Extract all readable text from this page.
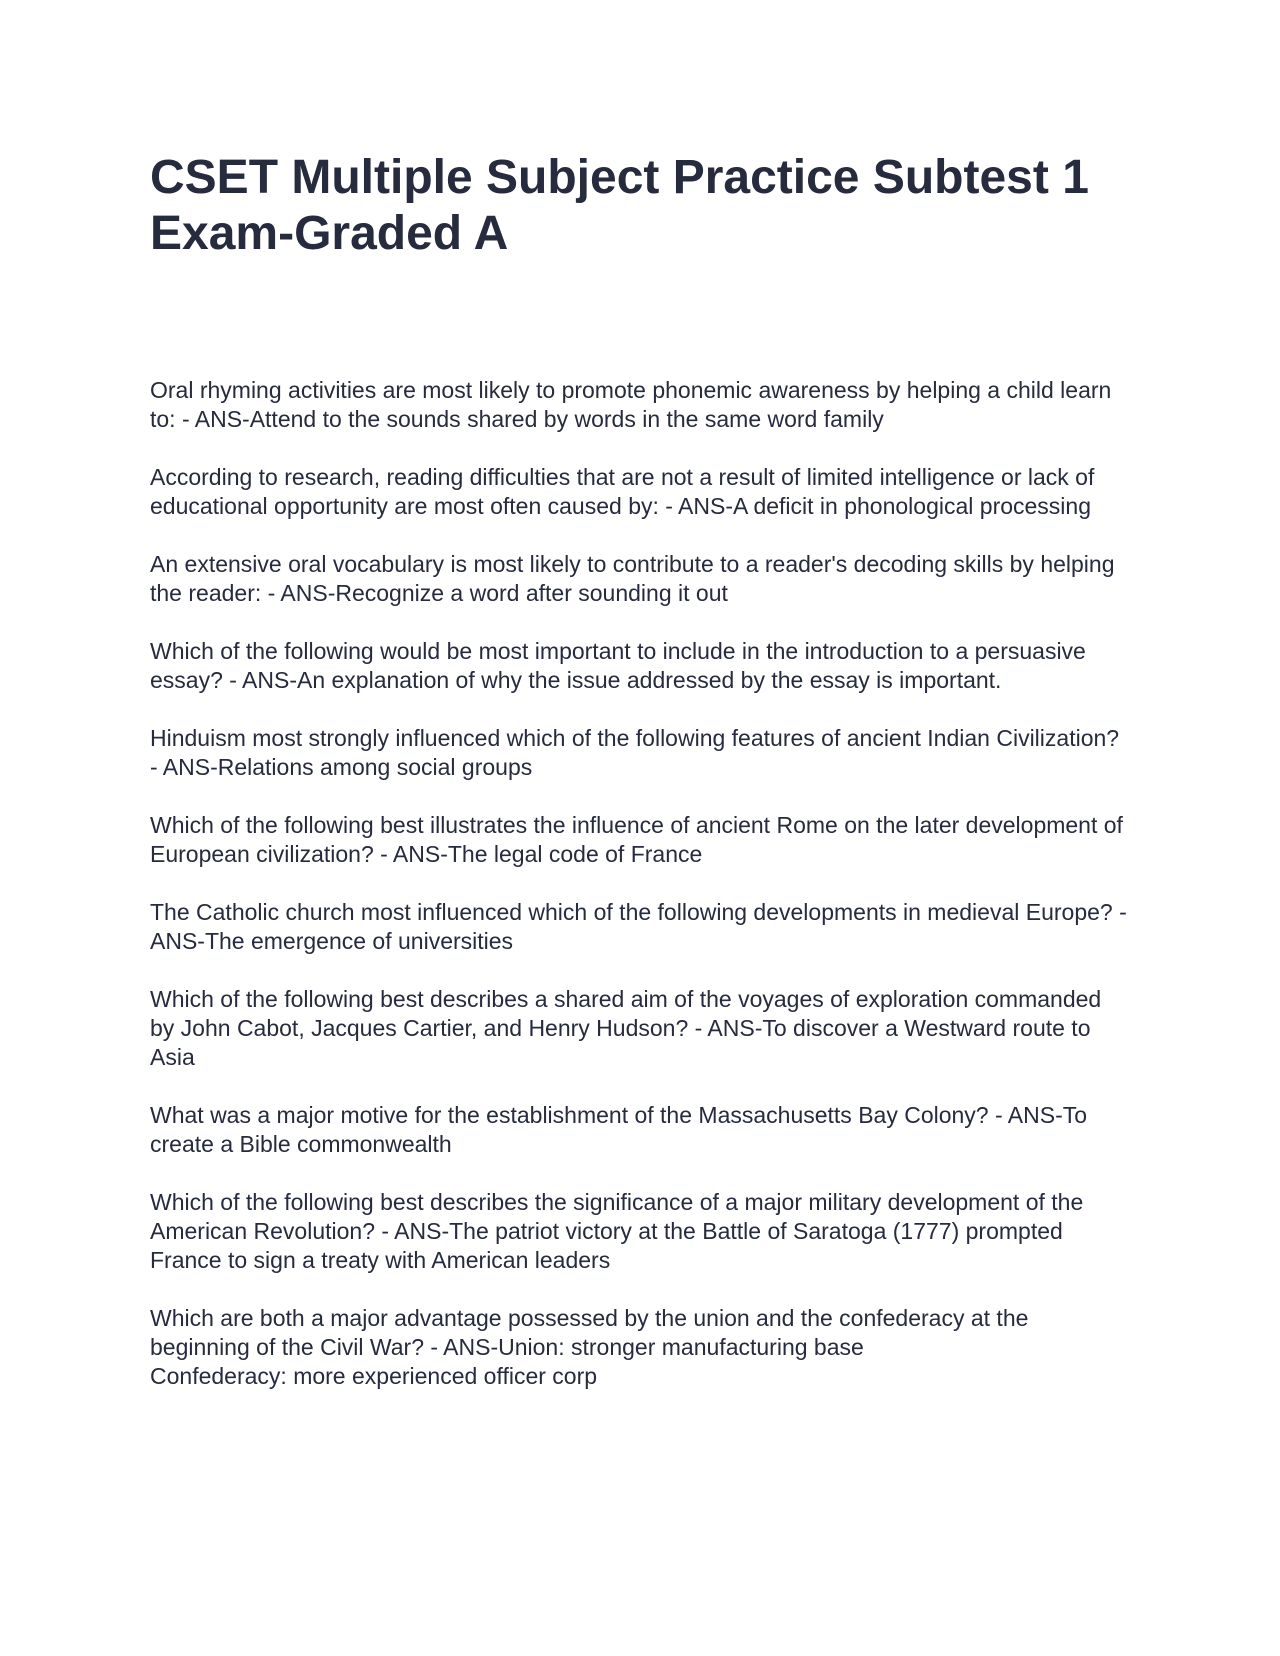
CSET Multiple Subject Practice Subtest 1 Exam-Graded A

Oral rhyming activities are most likely to promote phonemic awareness by helping a child learn to: - ANS-Attend to the sounds shared by words in the same word family

According to research, reading difficulties that are not a result of limited intelligence or lack of educational opportunity are most often caused by: - ANS-A deficit in phonological processing

An extensive oral vocabulary is most likely to contribute to a reader's decoding skills by helping the reader: - ANS-Recognize a word after sounding it out

Which of the following would be most important to include in the introduction to a persuasive essay? - ANS-An explanation of why the issue addressed by the essay is important.

Hinduism most strongly influenced which of the following features of ancient Indian Civilization? - ANS-Relations among social groups

Which of the following best illustrates the influence of ancient Rome on the later development of European civilization? - ANS-The legal code of France

The Catholic church most influenced which of the following developments in medieval Europe? - ANS-The emergence of universities

Which of the following best describes a shared aim of the voyages of exploration commanded by John Cabot, Jacques Cartier, and Henry Hudson? - ANS-To discover a Westward route to Asia

What was a major motive for the establishment of the Massachusetts Bay Colony? - ANS-To create a Bible commonwealth

Which of the following best describes the significance of a major military development of the American Revolution? - ANS-The patriot victory at the Battle of Saratoga (1777) prompted France to sign a treaty with American leaders

Which are both a major advantage possessed by the union and the confederacy at the beginning of the Civil War? - ANS-Union: stronger manufacturing base
Confederacy: more experienced officer corp
